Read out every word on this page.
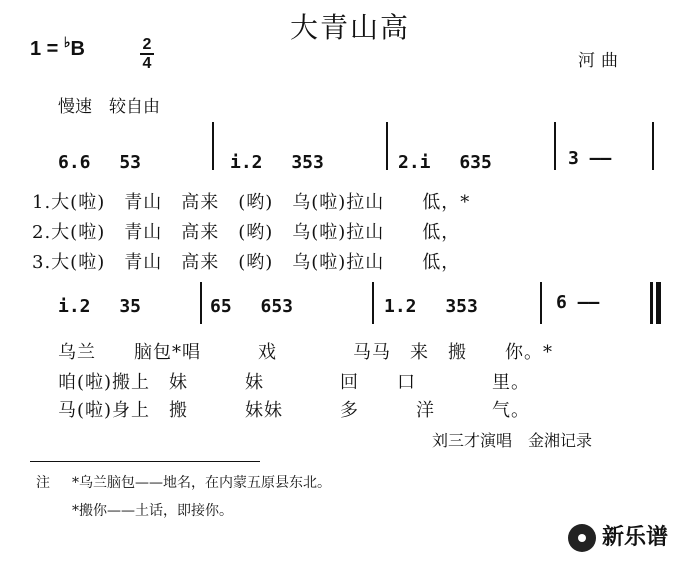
大青山高
1 = ♭B	2
4	河曲
慢速　较自由
6.6　 53	i.2　 353	2.i　 635	3 ——
1.大(啦)　青山　高来　(哟)　乌(啦)拉山　　低，*
2.大(啦)　青山　高来　(哟)　乌(啦)拉山　　低，
3.大(啦)　青山　高来　(哟)　乌(啦)拉山　　低，
i.2　 35	65　 653	1.2　 353	6 ——
乌兰　　脑包*唱　　　戏　　　　马马　来　搬　　你。*
咱(啦)搬上　妹　　　妹　　　　回　　口　　　　里。
马(啦)身上　搬　　　妹妹　　　多　　　洋　　　气。
刘三才演唱　金湘记录
注 *乌兰脑包——地名，在内蒙五原县东北。
*搬你——土话，即接你。
新乐谱
